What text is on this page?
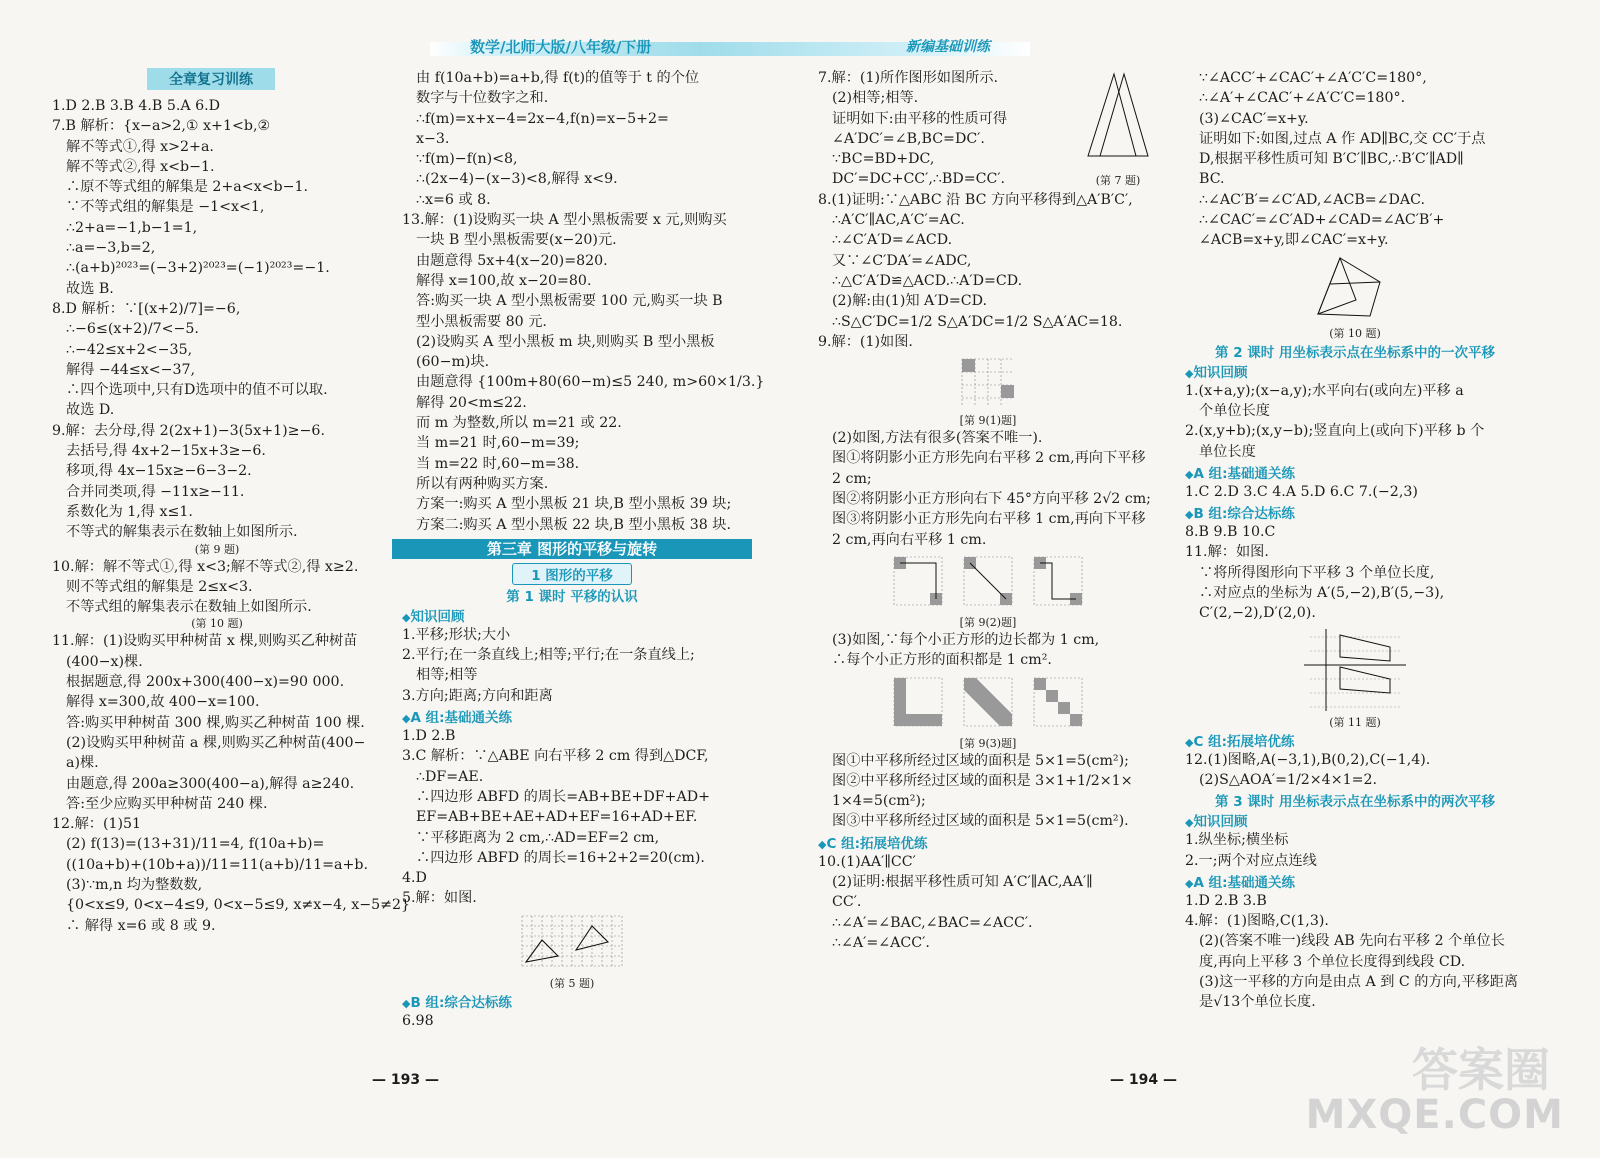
数学/北师大版/八年级/下册	新编基础训练
全章复习训练
1.D 2.B 3.B 4.B 5.A 6.D
7.B 解析：{x−a>2,① x+1<b,②
解不等式①,得 x>2+a.
解不等式②,得 x<b−1.
∴原不等式组的解集是 2+a<x<b−1.
∵不等式组的解集是 −1<x<1,
∴2+a=−1,b−1=1,
∴a=−3,b=2,
∴(a+b)²⁰²³=(−3+2)²⁰²³=(−1)²⁰²³=−1.
故选 B.
8.D 解析：∵[(x+2)/7]=−6,
∴−6≤(x+2)/7<−5.
∴−42≤x+2<−35,
解得 −44≤x<−37,
∴四个选项中,只有D选项中的值不可以取.
故选 D.
9.解：去分母,得 2(2x+1)−3(5x+1)≥−6.
去括号,得 4x+2−15x+3≥−6.
移项,得 4x−15x≥−6−3−2.
合并同类项,得 −11x≥−11.
系数化为 1,得 x≤1.
不等式的解集表示在数轴上如图所示.
(第 9 题)
10.解：解不等式①,得 x<3;解不等式②,得 x≥2.
则不等式组的解集是 2≤x<3.
不等式组的解集表示在数轴上如图所示.
(第 10 题)
11.解：(1)设购买甲种树苗 x 棵,则购买乙种树苗
(400−x)棵.
根据题意,得 200x+300(400−x)=90 000.
解得 x=300,故 400−x=100.
答:购买甲种树苗 300 棵,购买乙种树苗 100 棵.
(2)设购买甲种树苗 a 棵,则购买乙种树苗(400−
a)棵.
由题意,得 200a≥300(400−a),解得 a≥240.
答:至少应购买甲种树苗 240 棵.
12.解：(1)51
(2) f(13)=(13+31)/11=4, f(10a+b)=
((10a+b)+(10b+a))/11=11(a+b)/11=a+b.
(3)∵m,n 均为整数数,
{0<x≤9, 0<x−4≤9, 0<x−5≤9, x≠x−4, x−5≠2}
∴ 解得 x=6 或 8 或 9.
由 f(10a+b)=a+b,得 f(t)的值等于 t 的个位
数字与十位数字之和.
∴f(m)=x+x−4=2x−4,f(n)=x−5+2=
x−3.
∵f(m)−f(n)<8,
∴(2x−4)−(x−3)<8,解得 x<9.
∴x=6 或 8.
13.解：(1)设购买一块 A 型小黑板需要 x 元,则购买
一块 B 型小黑板需要(x−20)元.
由题意得 5x+4(x−20)=820.
解得 x=100,故 x−20=80.
答:购买一块 A 型小黑板需要 100 元,购买一块 B
型小黑板需要 80 元.
(2)设购买 A 型小黑板 m 块,则购买 B 型小黑板
(60−m)块.
由题意得 {100m+80(60−m)≤5 240, m>60×1/3.}
解得 20<m≤22.
而 m 为整数,所以 m=21 或 22.
当 m=21 时,60−m=39;
当 m=22 时,60−m=38.
所以有两种购买方案.
方案一:购买 A 型小黑板 21 块,B 型小黑板 39 块;
方案二:购买 A 型小黑板 22 块,B 型小黑板 38 块.
第三章 图形的平移与旋转
1 图形的平移
第 1 课时 平移的认识
◆知识回顾
1.平移;形状;大小
2.平行;在一条直线上;相等;平行;在一条直线上;
相等;相等
3.方向;距离;方向和距离
◆A 组:基础通关练
1.D 2.B
3.C 解析：∵△ABE 向右平移 2 cm 得到△DCF,
∴DF=AE.
∴四边形 ABFD 的周长=AB+BE+DF+AD+
EF=AB+BE+AE+AD+EF=16+AD+EF.
∵平移距离为 2 cm,∴AD=EF=2 cm,
∴四边形 ABFD 的周长=16+2+2=20(cm).
4.D
5.解：如图.
(第 5 题)
◆B 组:综合达标练
6.98
7.解：(1)所作图形如图所示.
(2)相等;相等.
证明如下:由平移的性质可得
∠A′DC′=∠B,BC=DC′.
∵BC=BD+DC,
DC′=DC+CC′,∴BD=CC′.	(第 7 题)
8.(1)证明:∵△ABC 沿 BC 方向平移得到△A′B′C′,
∴A′C′∥AC,A′C′=AC.
∴∠C′A′D=∠ACD.
又∵∠C′DA′=∠ADC,
∴△C′A′D≌△ACD.∴A′D=CD.
(2)解:由(1)知 A′D=CD.
∴S△C′DC=1/2 S△A′DC=1/2 S△A′AC=18.
9.解：(1)如图.
[第 9(1)题]
(2)如图,方法有很多(答案不唯一).
图①将阴影小正方形先向右平移 2 cm,再向下平移
2 cm;
图②将阴影小正方形向右下 45°方向平移 2√2 cm;
图③将阴影小正方形先向右平移 1 cm,再向下平移
2 cm,再向右平移 1 cm.
[第 9(2)题]
(3)如图,∵每个小正方形的边长都为 1 cm,
∴每个小正方形的面积都是 1 cm².
[第 9(3)题]
图①中平移所经过区域的面积是 5×1=5(cm²);
图②中平移所经过区域的面积是 3×1+1/2×1×
1×4=5(cm²);
图③中平移所经过区域的面积是 5×1=5(cm²).
◆C 组:拓展培优练
10.(1)AA′∥CC′
(2)证明:根据平移性质可知 A′C′∥AC,AA′∥
CC′.
∴∠A′=∠BAC,∠BAC=∠ACC′.
∴∠A′=∠ACC′.
∵∠ACC′+∠CAC′+∠A′C′C=180°,
∴∠A′+∠CAC′+∠A′C′C=180°.
(3)∠CAC′=x+y.
证明如下:如图,过点 A 作 AD∥BC,交 CC′于点
D,根据平移性质可知 B′C′∥BC,∴B′C′∥AD∥
BC.
∴∠AC′B′=∠C′AD,∠ACB=∠DAC.
∴∠CAC′=∠C′AD+∠CAD=∠AC′B′+
∠ACB=x+y,即∠CAC′=x+y.
(第 10 题)
第 2 课时 用坐标表示点在坐标系中的一次平移
◆知识回顾
1.(x+a,y);(x−a,y);水平向右(或向左)平移 a
个单位长度
2.(x,y+b);(x,y−b);竖直向上(或向下)平移 b 个
单位长度
◆A 组:基础通关练
1.C 2.D 3.C 4.A 5.D 6.C 7.(−2,3)
◆B 组:综合达标练
8.B 9.B 10.C
11.解：如图.
∵将所得图形向下平移 3 个单位长度,
∴对应点的坐标为 A′(5,−2),B′(5,−3),
C′(2,−2),D′(2,0).
(第 11 题)
◆C 组:拓展培优练
12.(1)图略,A(−3,1),B(0,2),C(−1,4).
(2)S△AOA′=1/2×4×1=2.
第 3 课时 用坐标表示点在坐标系中的两次平移
◆知识回顾
1.纵坐标;横坐标
2.一;两个对应点连线
◆A 组:基础通关练
1.D 2.B 3.B
4.解：(1)图略,C(1,3).
(2)(答案不唯一)线段 AB 先向右平移 2 个单位长
度,再向上平移 3 个单位长度得到线段 CD.
(3)这一平移的方向是由点 A 到 C 的方向,平移距离
是√13个单位长度.
— 193 —	— 194 —	答案圈
MXQE.COM
